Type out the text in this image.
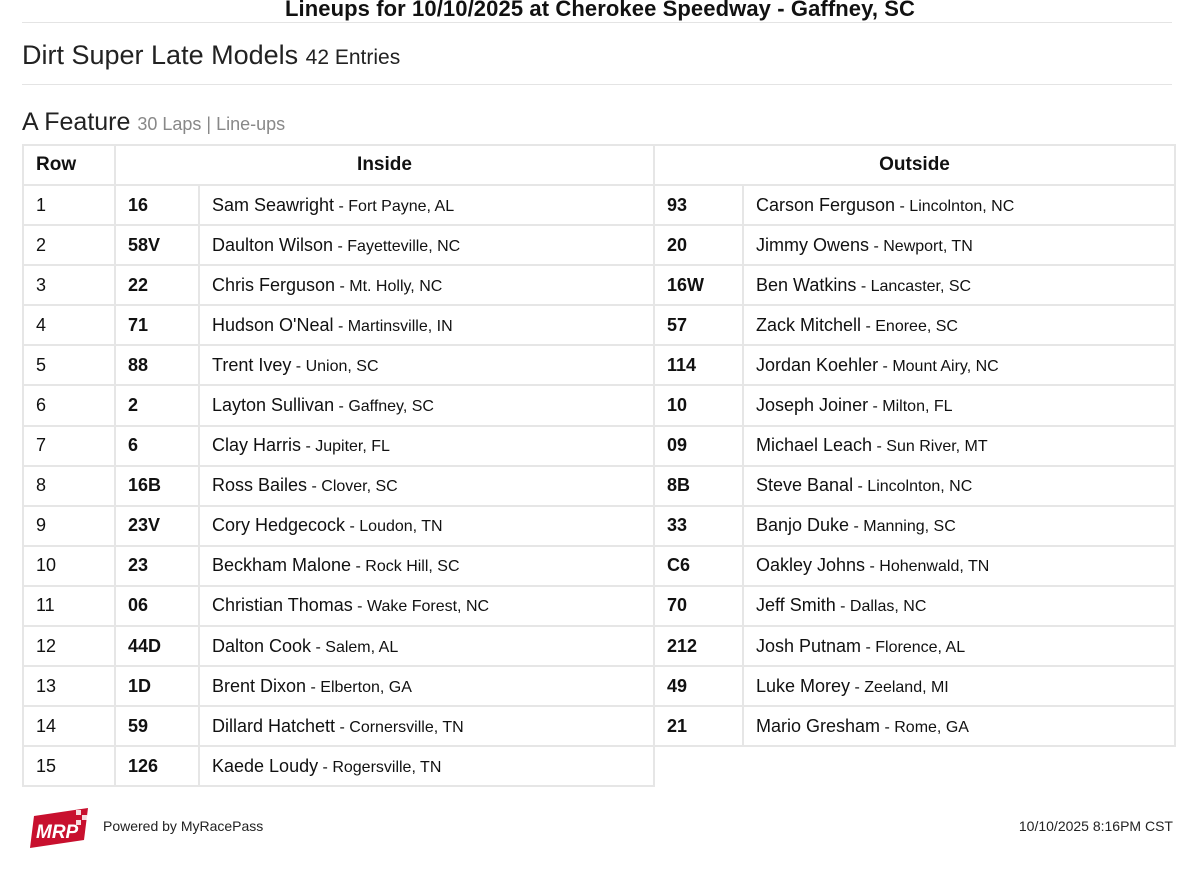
Lineups for 10/10/2025 at Cherokee Speedway - Gaffney, SC
Dirt Super Late Models 42 Entries
A Feature 30 Laps | Line-ups
Row	Inside		Outside	
1	16	Sam Seawright - Fort Payne, AL	93	Carson Ferguson - Lincolnton, NC
2	58V	Daulton Wilson - Fayetteville, NC	20	Jimmy Owens - Newport, TN
3	22	Chris Ferguson - Mt. Holly, NC	16W	Ben Watkins - Lancaster, SC
4	71	Hudson O'Neal - Martinsville, IN	57	Zack Mitchell - Enoree, SC
5	88	Trent Ivey - Union, SC	114	Jordan Koehler - Mount Airy, NC
6	2	Layton Sullivan - Gaffney, SC	10	Joseph Joiner - Milton, FL
7	6	Clay Harris - Jupiter, FL	09	Michael Leach - Sun River, MT
8	16B	Ross Bailes - Clover, SC	8B	Steve Banal - Lincolnton, NC
9	23V	Cory Hedgecock - Loudon, TN	33	Banjo Duke - Manning, SC
10	23	Beckham Malone - Rock Hill, SC	C6	Oakley Johns - Hohenwald, TN
11	06	Christian Thomas - Wake Forest, NC	70	Jeff Smith - Dallas, NC
12	44D	Dalton Cook - Salem, AL	212	Josh Putnam - Florence, AL
13	1D	Brent Dixon - Elberton, GA	49	Luke Morey - Zeeland, MI
14	59	Dillard Hatchett - Cornersville, TN	21	Mario Gresham - Rome, GA
15	126	Kaede Loudy - Rogersville, TN		
MRP Powered by MyRacePass	10/10/2025 8:16PM CST
